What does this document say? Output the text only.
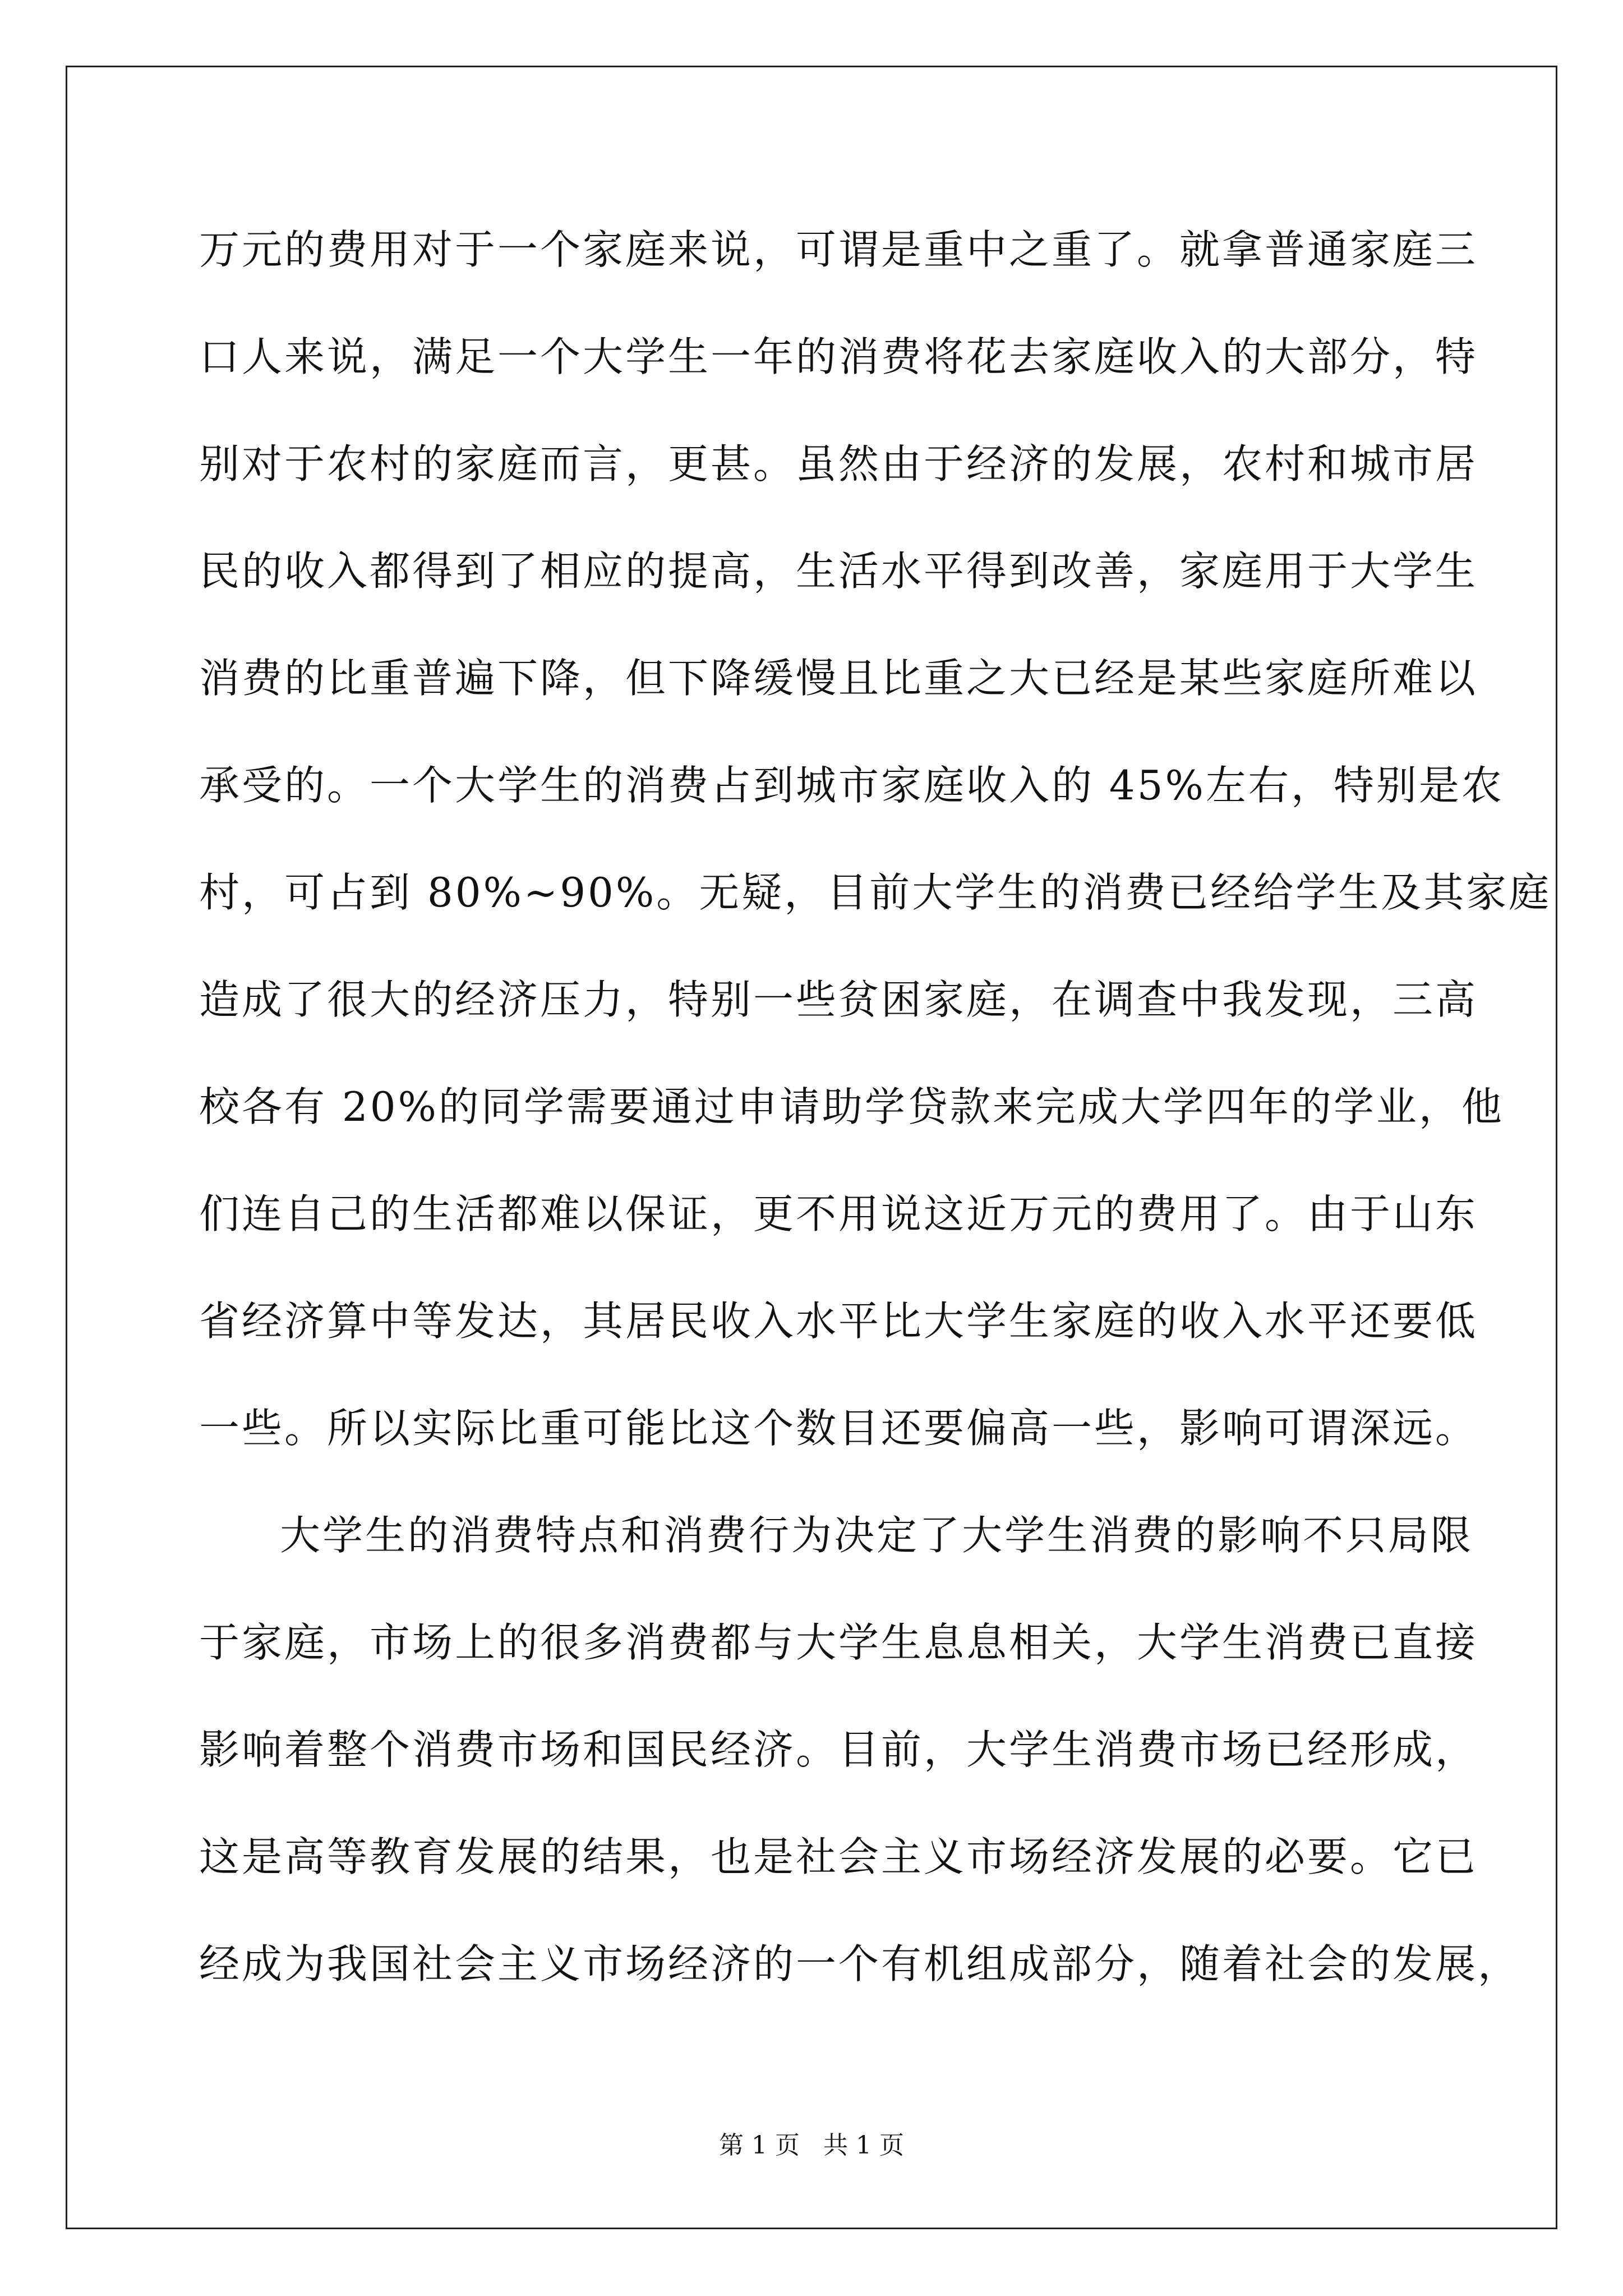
万元的费用对于一个家庭来说，可谓是重中之重了。就拿普通家庭三
口人来说，满足一个大学生一年的消费将花去家庭收入的大部分，特
别对于农村的家庭而言，更甚。虽然由于经济的发展，农村和城市居
民的收入都得到了相应的提高，生活水平得到改善，家庭用于大学生
消费的比重普遍下降，但下降缓慢且比重之大已经是某些家庭所难以
承受的。一个大学生的消费占到城市家庭收入的 45%左右，特别是农
村，可占到 80%~90%。无疑，目前大学生的消费已经给学生及其家庭
造成了很大的经济压力，特别一些贫困家庭，在调查中我发现，三高
校各有 20%的同学需要通过申请助学贷款来完成大学四年的学业，他
们连自己的生活都难以保证，更不用说这近万元的费用了。由于山东
省经济算中等发达，其居民收入水平比大学生家庭的收入水平还要低
一些。所以实际比重可能比这个数目还要偏高一些，影响可谓深远。
大学生的消费特点和消费行为决定了大学生消费的影响不只局限
于家庭，市场上的很多消费都与大学生息息相关，大学生消费已直接
影响着整个消费市场和国民经济。目前，大学生消费市场已经形成，
这是高等教育发展的结果，也是社会主义市场经济发展的必要。它已
经成为我国社会主义市场经济的一个有机组成部分，随着社会的发展，
第 1 页   共 1 页
